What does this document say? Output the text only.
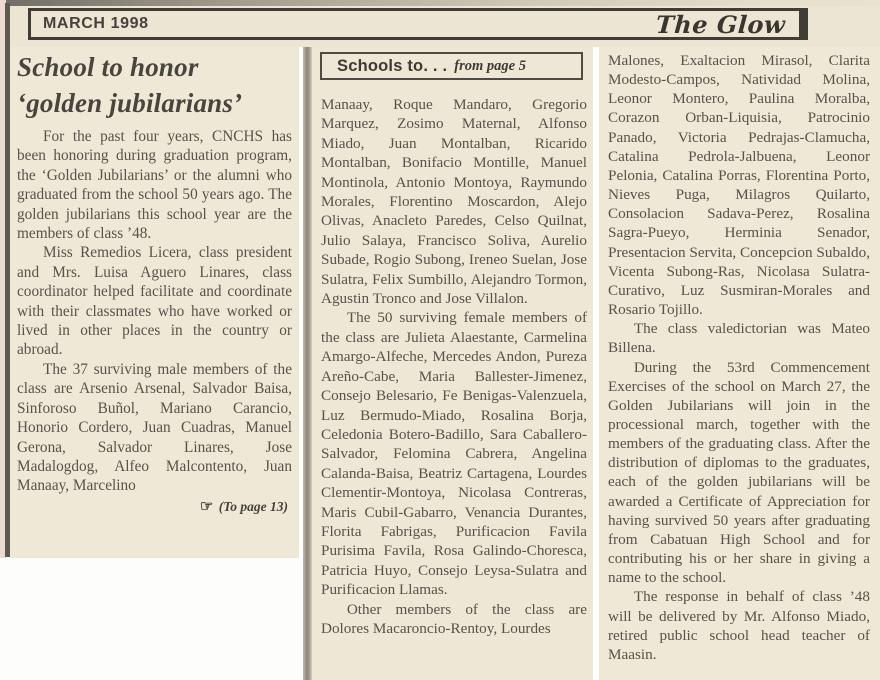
MARCH 1998	The Glow
School to honor
‘golden jubilarians’

For the past four years, CNCHS has been honoring during graduation program, the ‘Golden Jubilarians’ or the alumni who graduated from the school 50 years ago. The golden jubilarians this school year are the members of class ’48.

Miss Remedios Licera, class president and Mrs. Luisa Aguero Linares, class coordinator helped facilitate and coordinate with their classmates who have worked or lived in other places in the country or abroad.

The 37 surviving male members of the class are Arsenio Arsenal, Salvador Baisa, Sinforoso Buñol, Mariano Carancio, Honorio Cordero, Juan Cuadras, Manuel Gerona, Salvador Linares, Jose Madalogdog, Alfeo Malcontento, Juan Manaay, Marcelino

☞ (To page 13)
Schools to. . . from page 5

Manaay, Roque Mandaro, Gregorio Marquez, Zosimo Maternal, Alfonso Miado, Juan Montalban, Ricarido Montalban, Bonifacio Montille, Manuel Montinola, Antonio Montoya, Raymundo Morales, Florentino Moscardon, Alejo Olivas, Anacleto Paredes, Celso Quilnat, Julio Salaya, Francisco Soliva, Aurelio Subade, Rogio Subong, Ireneo Suelan, Jose Sulatra, Felix Sumbillo, Alejandro Tormon, Agustin Tronco and Jose Villalon.

The 50 surviving female members of the class are Julieta Alaestante, Carmelina Amargo-Alfeche, Mercedes Andon, Pureza Areño-Cabe, Maria Ballester-Jimenez, Consejo Belesario, Fe Benigas-Valenzuela, Luz Bermudo-Miado, Rosalina Borja, Celedonia Botero-Badillo, Sara Caballero-Salvador, Felomina Cabrera, Angelina Calanda-Baisa, Beatriz Cartagena, Lourdes Clementir-Montoya, Nicolasa Contreras, Maris Cubil-Gabarro, Venancia Durantes, Florita Fabrigas, Purificacion Favila Purisima Favila, Rosa Galindo-Choresca, Patricia Huyo, Consejo Leysa-Sulatra and Purificacion Llamas.

Other members of the class are Dolores Macaroncio-Rentoy, Lourdes

Malones, Exaltacion Mirasol, Clarita Modesto-Campos, Natividad Molina, Leonor Montero, Paulina Moralba, Corazon Orban-Liquisia, Patrocinio Panado, Victoria Pedrajas-Clamucha, Catalina Pedrola-Jalbuena, Leonor Pelonia, Catalina Porras, Florentina Porto, Nieves Puga, Milagros Quilarto, Consolacion Sadava-Perez, Rosalina Sagra-Pueyo, Herminia Senador, Presentacion Servita, Concepcion Subaldo, Vicenta Subong-Ras, Nicolasa Sulatra-Curativo, Luz Susmiran-Morales and Rosario Tojillo.

The class valedictorian was Mateo Billena.

During the 53rd Commencement Exercises of the school on March 27, the Golden Jubilarians will join in the processional march, together with the members of the graduating class. After the distribution of diplomas to the graduates, each of the golden jubilarians will be awarded a Certificate of Appreciation for having survived 50 years after graduating from Cabatuan High School and for contributing his or her share in giving a name to the school.

The response in behalf of class ’48 will be delivered by Mr. Alfonso Miado, retired public school head teacher of Maasin.
